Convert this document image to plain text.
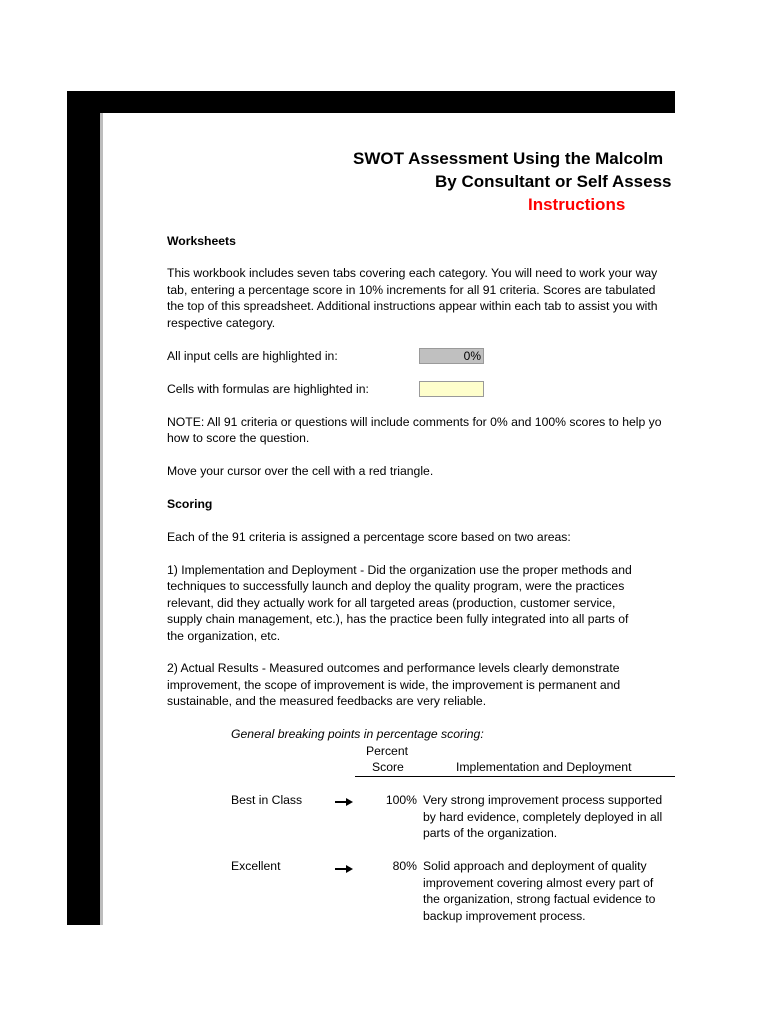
SWOT Assessment Using the Malcolm
By Consultant or Self Assess
Instructions
Worksheets
This workbook includes seven tabs covering each category. You will need to work your way
tab, entering a percentage score in 10% increments for all 91 criteria. Scores are tabulated
the top of this spreadsheet. Additional instructions appear within each tab to assist you with
respective category.
All input cells are highlighted in:	0%
Cells with formulas are highlighted in:
NOTE: All 91 criteria or questions will include comments for 0% and 100% scores to help yo
how to score the question.
Move your cursor over the cell with a red triangle.
Scoring
Each of the 91 criteria is assigned a percentage score based on two areas:
1) Implementation and Deployment - Did the organization use the proper methods and
techniques to successfully launch and deploy the quality program, were the practices
relevant, did they actually work for all targeted areas (production, customer service,
supply chain management, etc.), has the practice been fully integrated into all parts of
the organization, etc.
2) Actual Results - Measured outcomes and performance levels clearly demonstrate
improvement, the scope of improvement is wide, the improvement is permanent and
sustainable, and the measured feedbacks are very reliable.
General breaking points in percentage scoring:
Percent
Score	Implementation and Deployment
Best in Class	100% Very strong improvement process supported
by hard evidence, completely deployed in all
parts of the organization.
Excellent	80% Solid approach and deployment of quality
improvement covering almost every part of
the organization, strong factual evidence to
backup improvement process.
